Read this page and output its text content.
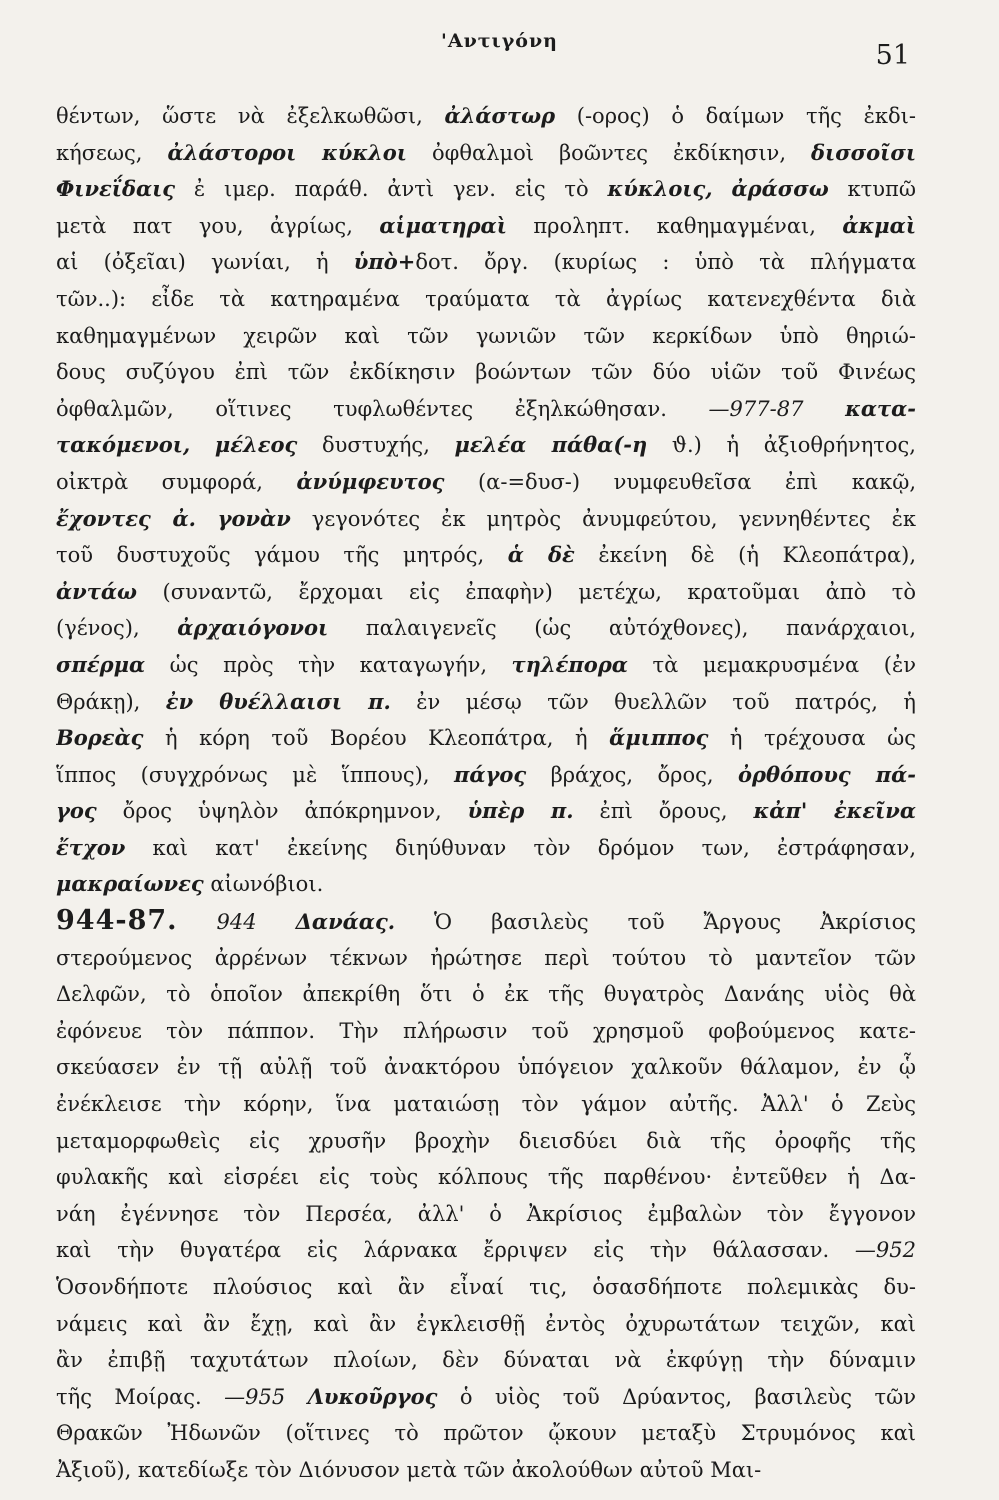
'Αντιγόνη	51
θέντων, ὥστε νὰ ἐξελκωθῶσι, ἀλάστωρ (-ορος) ὁ δαίμων τῆς ἐκδι-
κήσεως, ἀλάστοροι κύκλοι ὀφθαλμοὶ βοῶντες ἐκδίκησιν, δισσοῖσι
Φινεΐδαις ἐ ιμερ. παράθ. ἀντὶ γεν. εἰς τὸ κύκλοις, ἀράσσω κτυπῶ
μετὰ πατ γου, ἀγρίως, αἱματηραὶ προληπτ. καθημαγμέναι, ἀκμαὶ
αἱ (ὀξεῖαι) γωνίαι, ἡ ὑπὸ+δοτ. ὄργ. (κυρίως : ὑπὸ τὰ πλήγματα
τῶν..): εἶδε τὰ κατηραμένα τραύματα τὰ ἀγρίως κατενεχθέντα διὰ
καθημαγμένων χειρῶν καὶ τῶν γωνιῶν τῶν κερκίδων ὑπὸ θηριώ-
δους συζύγου ἐπὶ τῶν ἐκδίκησιν βοώντων τῶν δύο υἱῶν τοῦ Φινέως
ὀφθαλμῶν, οἵτινες τυφλωθέντες ἐξηλκώθησαν. —977-87 κατα-
τακόμενοι, μέλεος δυστυχής, μελέα πάθα(-η ϑ.) ἡ ἀξιοθρήνητος,
οἰκτρὰ συμφορά, ἀνύμφευτος (α-=δυσ-) νυμφευθεῖσα ἐπὶ κακῷ,
ἔχοντες ἀ. γονὰν γεγονότες ἐκ μητρὸς ἀνυμφεύτου, γεννηθέντες ἐκ
τοῦ δυστυχοῦς γάμου τῆς μητρός, ἁ δὲ ἐκείνη δὲ (ἡ Κλεοπάτρα),
ἀντάω (συναντῶ, ἔρχομαι εἰς ἐπαφὴν) μετέχω, κρατοῦμαι ἀπὸ τὸ
(γένος), ἀρχαιόγονοι παλαιγενεῖς (ὡς αὐτόχθονες), πανάρχαιοι,
σπέρμα ὡς πρὸς τὴν καταγωγήν, τηλέπορα τὰ μεμακρυσμένα (ἐν
Θράκῃ), ἐν θυέλλαισι π. ἐν μέσῳ τῶν θυελλῶν τοῦ πατρός, ἡ
Βορεὰς ἡ κόρη τοῦ Βορέου Κλεοπάτρα, ἡ ἅμιππος ἡ τρέχουσα ὡς
ἵππος (συγχρόνως μὲ ἵππους), πάγος βράχος, ὄρος, ὀρθόπους πά-
γος ὄρος ὑψηλὸν ἀπόκρημνον, ὑπὲρ π. ἐπὶ ὄρους, κἀπ' ἐκεῖνα
ἔτχον καὶ κατ' ἐκείνης διηύθυναν τὸν δρόμον των, ἐστράφησαν,
μακραίωνες αἰωνόβιοι.
944-87. 944 Δανάας. Ὁ βασιλεὺς τοῦ Ἄργους Ἀκρίσιος
στερούμενος ἀρρένων τέκνων ἠρώτησε περὶ τούτου τὸ μαντεῖον τῶν
Δελφῶν, τὸ ὁποῖον ἀπεκρίθη ὅτι ὁ ἐκ τῆς θυγατρὸς Δανάης υἱὸς θὰ
ἐφόνευε τὸν πάππον. Τὴν πλήρωσιν τοῦ χρησμοῦ φοβούμενος κατε-
σκεύασεν ἐν τῇ αὐλῇ τοῦ ἀνακτόρου ὑπόγειον χαλκοῦν θάλαμον, ἐν ᾧ
ἐνέκλεισε τὴν κόρην, ἵνα ματαιώσῃ τὸν γάμον αὐτῆς. Ἀλλ' ὁ Ζεὺς
μεταμορφωθεὶς εἰς χρυσῆν βροχὴν διεισδύει διὰ τῆς ὀροφῆς τῆς
φυλακῆς καὶ εἰσρέει εἰς τοὺς κόλπους τῆς παρθένου· ἐντεῦθεν ἡ Δα-
νάη ἐγέννησε τὸν Περσέα, ἀλλ' ὁ Ἀκρίσιος ἐμβαλὼν τὸν ἔγγονον
καὶ τὴν θυγατέρα εἰς λάρνακα ἔρριψεν εἰς τὴν θάλασσαν. —952
Ὁσονδήποτε πλούσιος καὶ ἂν εἶναί τις, ὁσασδήποτε πολεμικὰς δυ-
νάμεις καὶ ἂν ἔχῃ, καὶ ἂν ἐγκλεισθῇ ἐντὸς ὀχυρωτάτων τειχῶν, καὶ
ἂν ἐπιβῇ ταχυτάτων πλοίων, δὲν δύναται νὰ ἐκφύγῃ τὴν δύναμιν
τῆς Μοίρας. —955 Λυκοῦργος ὁ υἱὸς τοῦ Δρύαντος, βασιλεὺς τῶν
Θρακῶν Ἠδωνῶν (οἵτινες τὸ πρῶτον ᾤκουν μεταξὺ Στρυμόνος καὶ
Ἀξιοῦ), κατεδίωξε τὸν Διόνυσον μετὰ τῶν ἀκολούθων αὐτοῦ Μαι-
